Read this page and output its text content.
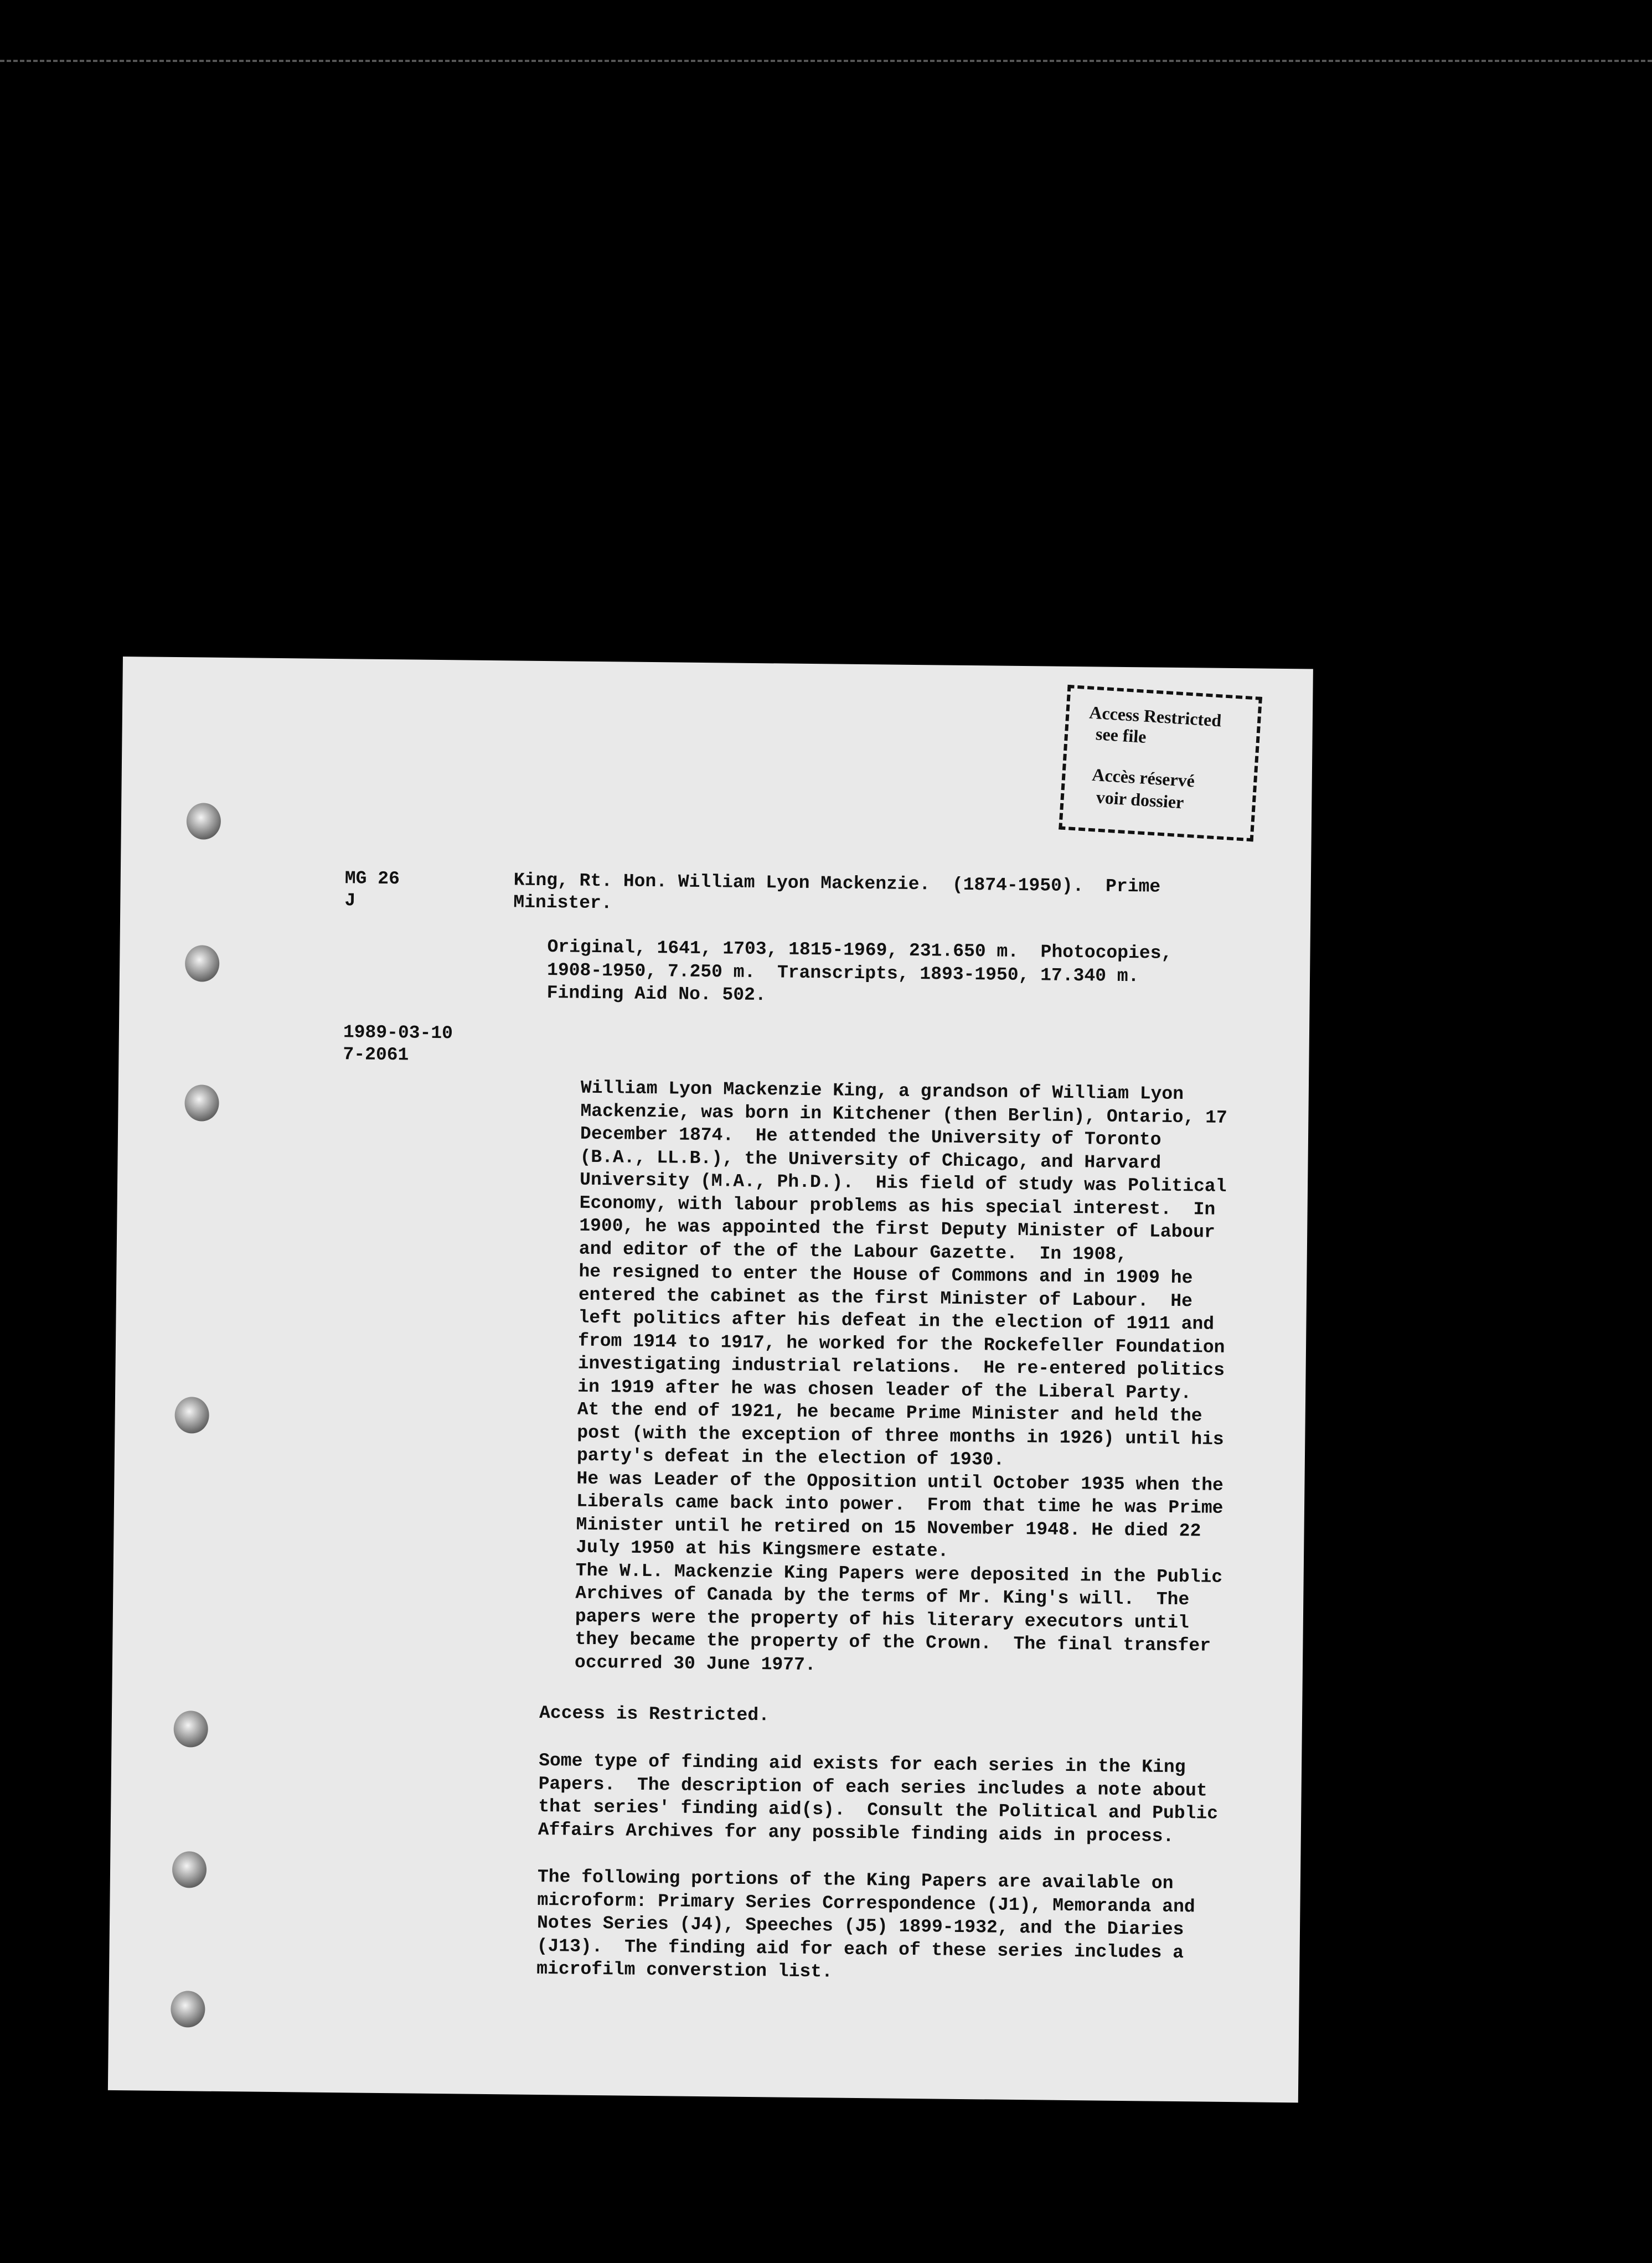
Access Restricted
see file
Accès réservé
voir dossier
MG 26
J
1989-03-10
7-2061
King, Rt. Hon. William Lyon Mackenzie.  (1874-1950).  Prime
Minister.
Original, 1641, 1703, 1815-1969, 231.650 m.  Photocopies,
1908-1950, 7.250 m.  Transcripts, 1893-1950, 17.340 m.
Finding Aid No. 502.
William Lyon Mackenzie King, a grandson of William Lyon
Mackenzie, was born in Kitchener (then Berlin), Ontario, 17
December 1874.  He attended the University of Toronto
(B.A., LL.B.), the University of Chicago, and Harvard
University (M.A., Ph.D.).  His field of study was Political
Economy, with labour problems as his special interest.  In
1900, he was appointed the first Deputy Minister of Labour
and editor of the of the Labour Gazette.  In 1908,
he resigned to enter the House of Commons and in 1909 he
entered the cabinet as the first Minister of Labour.  He
left politics after his defeat in the election of 1911 and
from 1914 to 1917, he worked for the Rockefeller Foundation
investigating industrial relations.  He re-entered politics
in 1919 after he was chosen leader of the Liberal Party.
At the end of 1921, he became Prime Minister and held the
post (with the exception of three months in 1926) until his
party's defeat in the election of 1930.
He was Leader of the Opposition until October 1935 when the
Liberals came back into power.  From that time he was Prime
Minister until he retired on 15 November 1948. He died 22
July 1950 at his Kingsmere estate.
The W.L. Mackenzie King Papers were deposited in the Public
Archives of Canada by the terms of Mr. King's will.  The
papers were the property of his literary executors until
they became the property of the Crown.  The final transfer
occurred 30 June 1977.
Access is Restricted.
Some type of finding aid exists for each series in the King
Papers.  The description of each series includes a note about
that series' finding aid(s).  Consult the Political and Public
Affairs Archives for any possible finding aids in process.
The following portions of the King Papers are available on
microform: Primary Series Correspondence (J1), Memoranda and
Notes Series (J4), Speeches (J5) 1899-1932, and the Diaries
(J13).  The finding aid for each of these series includes a
microfilm converstion list.
